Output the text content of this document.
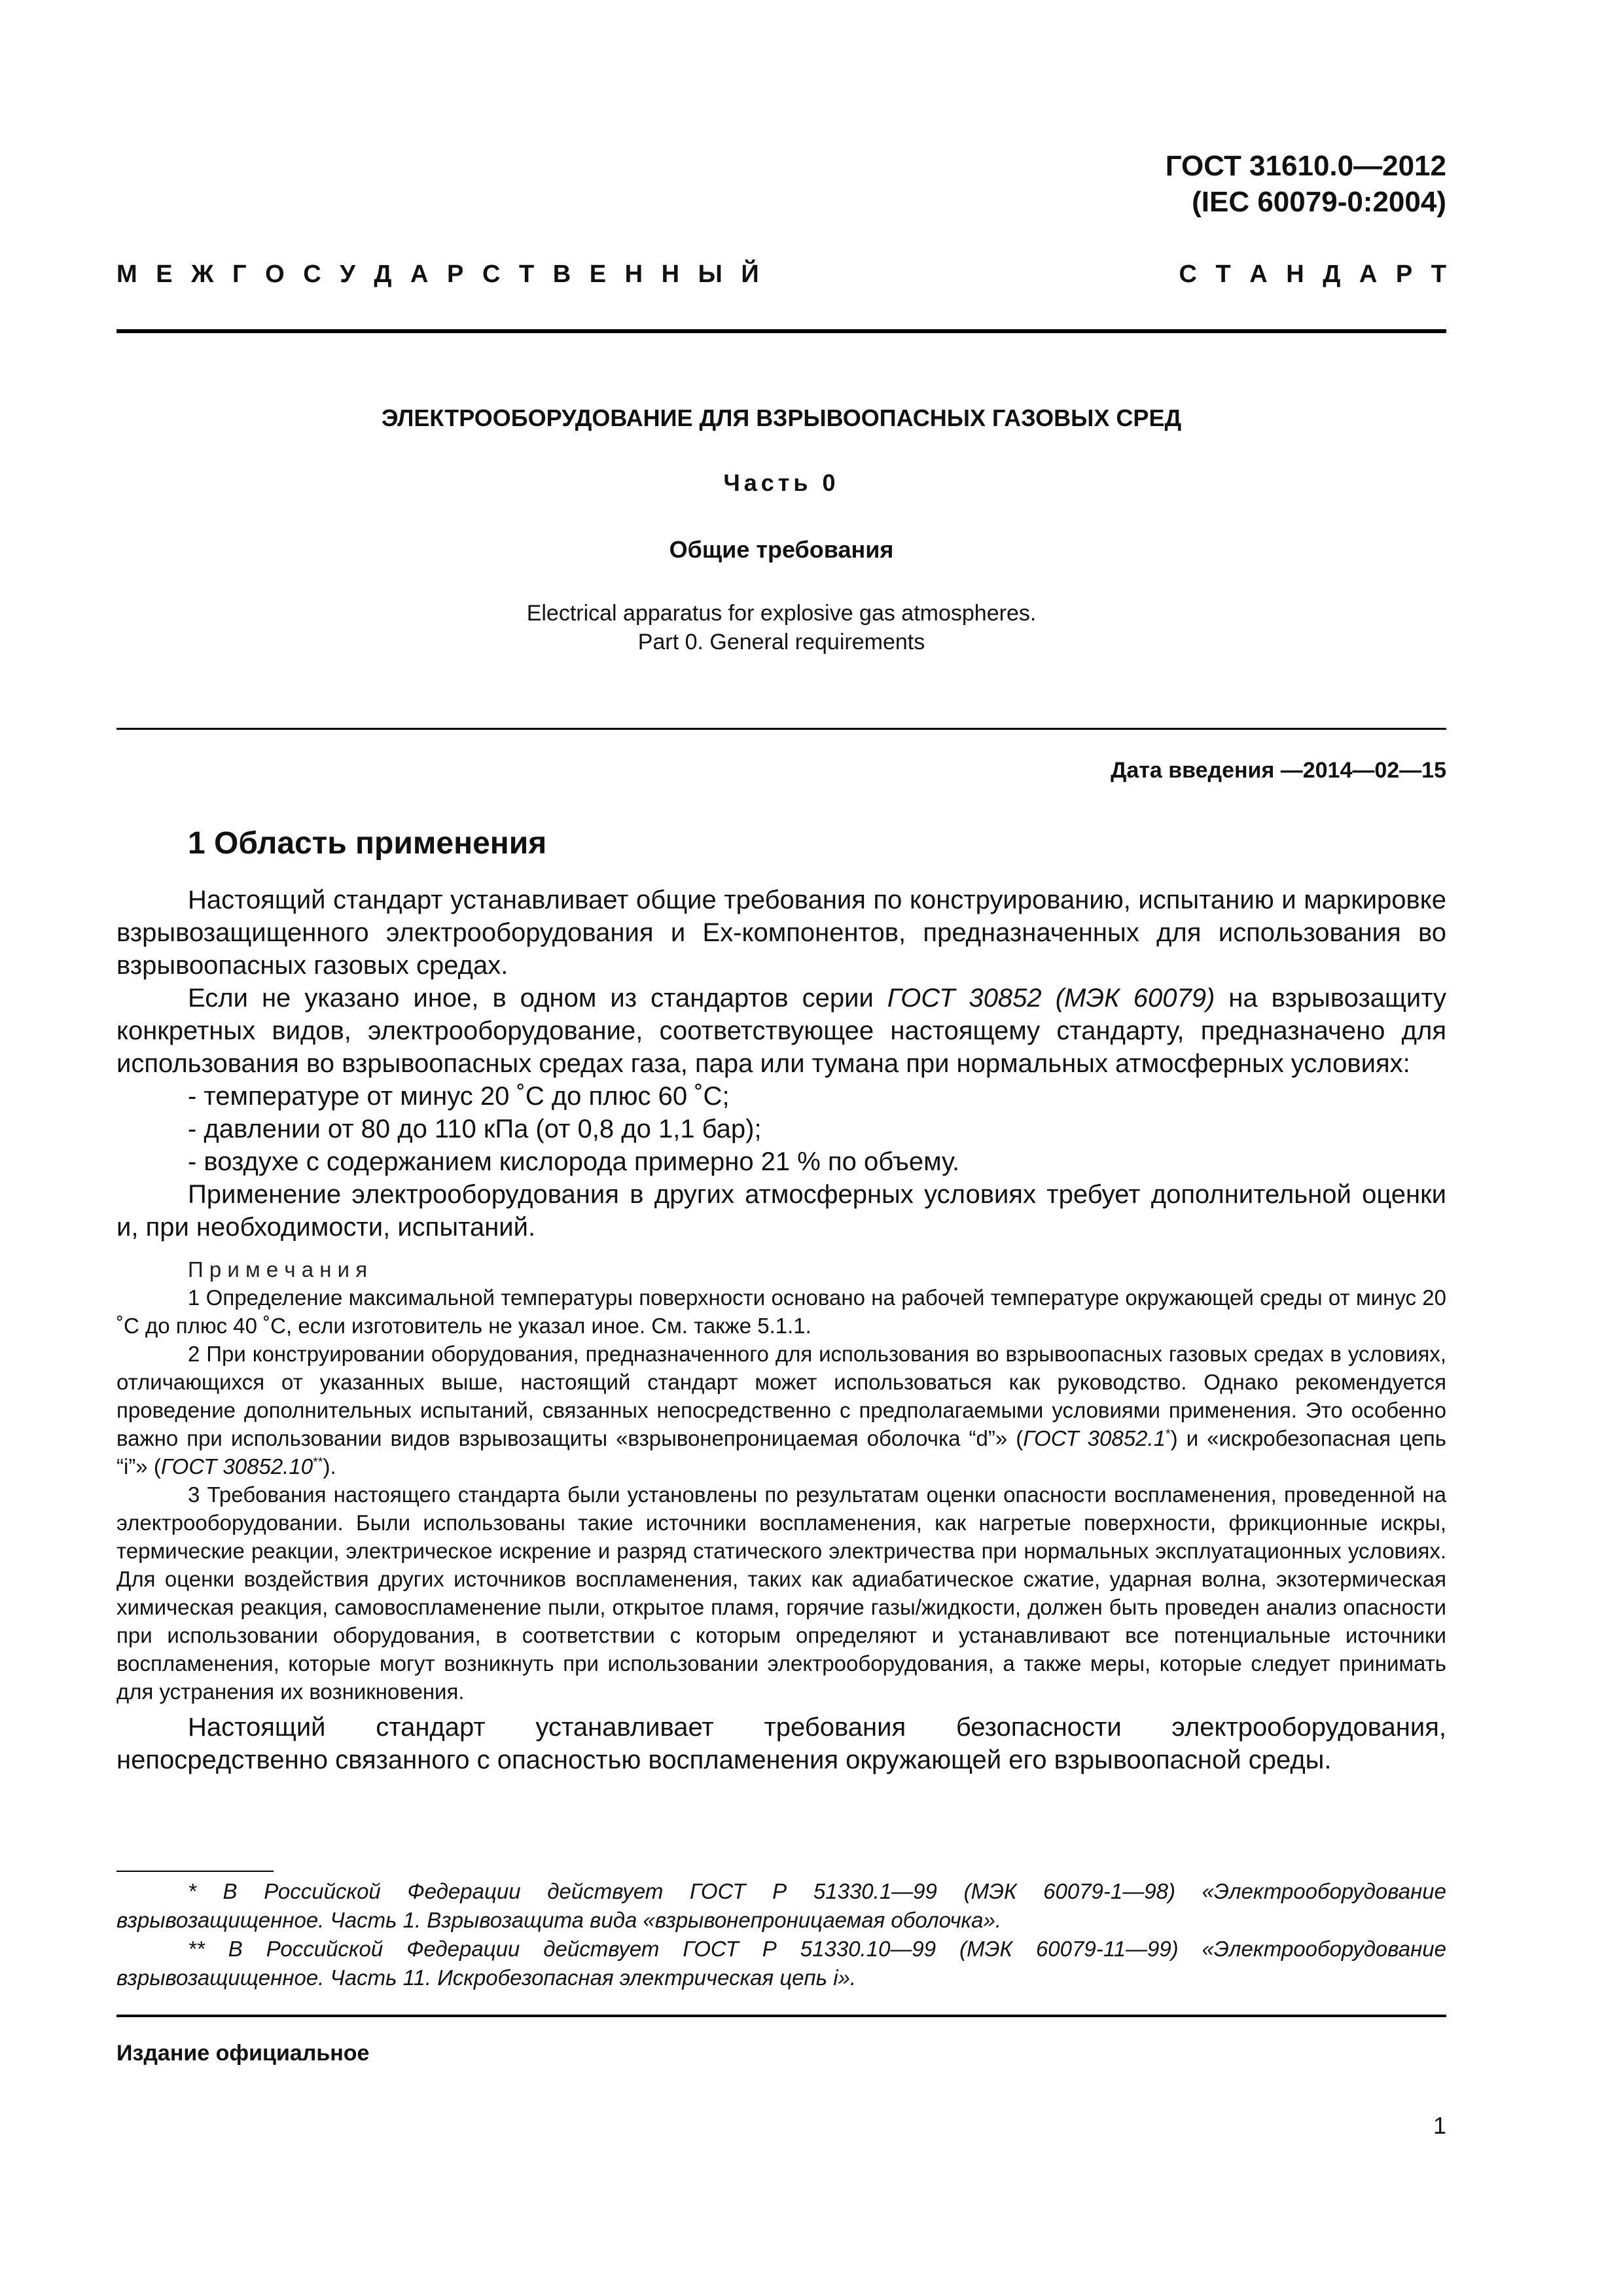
ГОСТ 31610.0—2012
(IEC 60079-0:2004)
М Е Ж Г О С У Д А Р С Т В Е Н Н Ы Й	С Т А Н Д А Р Т
ЭЛЕКТРООБОРУДОВАНИЕ ДЛЯ ВЗРЫВООПАСНЫХ ГАЗОВЫХ СРЕД
Часть 0
Общие требования
Electrical apparatus for explosive gas atmospheres.
Part 0. General requirements
Дата введения —2014—02—15
1 Область применения
Настоящий стандарт устанавливает общие требования по конструированию, испытанию и маркировке взрывозащищенного электрооборудования и Ex-компонентов, предназначенных для использования во взрывоопасных газовых средах.
Если не указано иное, в одном из стандартов серии ГОСТ 30852 (МЭК 60079) на взрывозащиту конкретных видов, электрооборудование, соответствующее настоящему стандарту, предназначено для использования во взрывоопасных средах газа, пара или тумана при нормальных атмосферных условиях:
- температуре от минус 20 ˚С до плюс 60 ˚С;
- давлении от 80 до 110 кПа (от 0,8 до 1,1 бар);
- воздухе с содержанием кислорода примерно 21 % по объему.
Применение электрооборудования в других атмосферных условиях требует дополнительной оценки и, при необходимости, испытаний.
П р и м е ч а н и я
1 Определение максимальной температуры поверхности основано на рабочей температуре окружающей среды от минус 20 ˚С до плюс 40 ˚С, если изготовитель не указал иное. См. также 5.1.1.
2 При конструировании оборудования, предназначенного для использования во взрывоопасных газовых средах в условиях, отличающихся от указанных выше, настоящий стандарт может использоваться как руководство. Однако рекомендуется проведение дополнительных испытаний, связанных непосредственно с предполагаемыми условиями применения. Это особенно важно при использовании видов взрывозащиты «взрывонепроницаемая оболочка “d”» (ГОСТ 30852.1*) и «искробезопасная цепь “i”» (ГОСТ 30852.10**).
3 Требования настоящего стандарта были установлены по результатам оценки опасности воспламенения, проведенной на электрооборудовании. Были использованы такие источники воспламенения, как нагретые поверхности, фрикционные искры, термические реакции, электрическое искрение и разряд статического электричества при нормальных эксплуатационных условиях. Для оценки воздействия других источников воспламенения, таких как адиабатическое сжатие, ударная волна, экзотермическая химическая реакция, самовоспламенение пыли, открытое пламя, горячие газы/жидкости, должен быть проведен анализ опасности при использовании оборудования, в соответствии с которым определяют и устанавливают все потенциальные источники воспламенения, которые могут возникнуть при использовании электрооборудования, а также меры, которые следует принимать для устранения их возникновения.
Настоящий стандарт устанавливает требования безопасности электрооборудования, непосредственно связанного с опасностью воспламенения окружающей его взрывоопасной среды.
* В Российской Федерации действует ГОСТ Р 51330.1—99 (МЭК 60079-1—98) «Электрооборудование взрывозащищенное. Часть 1. Взрывозащита вида «взрывонепроницаемая оболочка».
** В Российской Федерации действует ГОСТ Р 51330.10—99 (МЭК 60079-11—99) «Электрооборудование взрывозащищенное. Часть 11. Искробезопасная электрическая цепь i».
Издание официальное
1
